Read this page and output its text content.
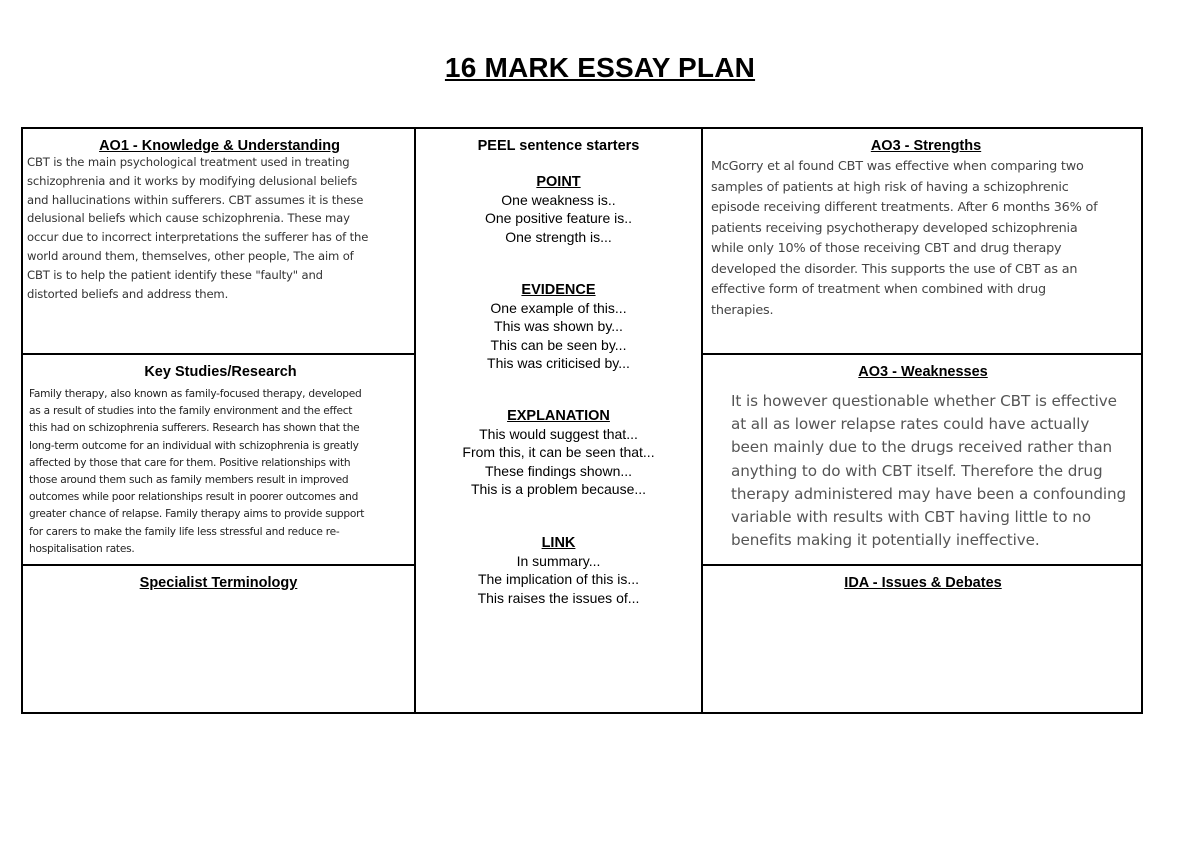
16 MARK ESSAY PLAN
AO1 - Knowledge & Understanding
CBT is the main psychological treatment used in treating
schizophrenia and it works by modifying delusional beliefs
and hallucinations within sufferers. CBT assumes it is these
delusional beliefs which cause schizophrenia. These may
occur due to incorrect interpretations the sufferer has of the
world around them, themselves, other people, The aim of
CBT is to help the patient identify these "faulty" and
distorted beliefs and address them.
Key Studies/Research
Family therapy, also known as family-focused therapy, developed
as a result of studies into the family environment and the effect
this had on schizophrenia sufferers. Research has shown that the
long-term outcome for an individual with schizophrenia is greatly
affected by those that care for them. Positive relationships with
those around them such as family members result in improved
outcomes while poor relationships result in poorer outcomes and
greater chance of relapse. Family therapy aims to provide support
for carers to make the family life less stressful and reduce re-
hospitalisation rates.
Specialist Terminology
PEEL sentence starters
POINT
One weakness is..
One positive feature is..
One strength is...
EVIDENCE
One example of this...
This was shown by...
This can be seen by...
This was criticised by...
EXPLANATION
This would suggest that...
From this, it can be seen that...
These findings shown...
This is a problem because...
LINK
In summary...
The implication of this is...
This raises the issues of...
AO3 - Strengths
McGorry et al found CBT was effective when comparing two
samples of patients at high risk of having a schizophrenic
episode receiving different treatments. After 6 months 36% of
patients receiving psychotherapy developed schizophrenia
while only 10% of those receiving CBT and drug therapy
developed the disorder. This supports the use of CBT as an
effective form of treatment when combined with drug
therapies.
AO3 - Weaknesses
It is however questionable whether CBT is effective
at all as lower relapse rates could have actually
been mainly due to the drugs received rather than
anything to do with CBT itself. Therefore the drug
therapy administered may have been a confounding
variable with results with CBT having little to no
benefits making it potentially ineffective.
IDA - Issues & Debates
